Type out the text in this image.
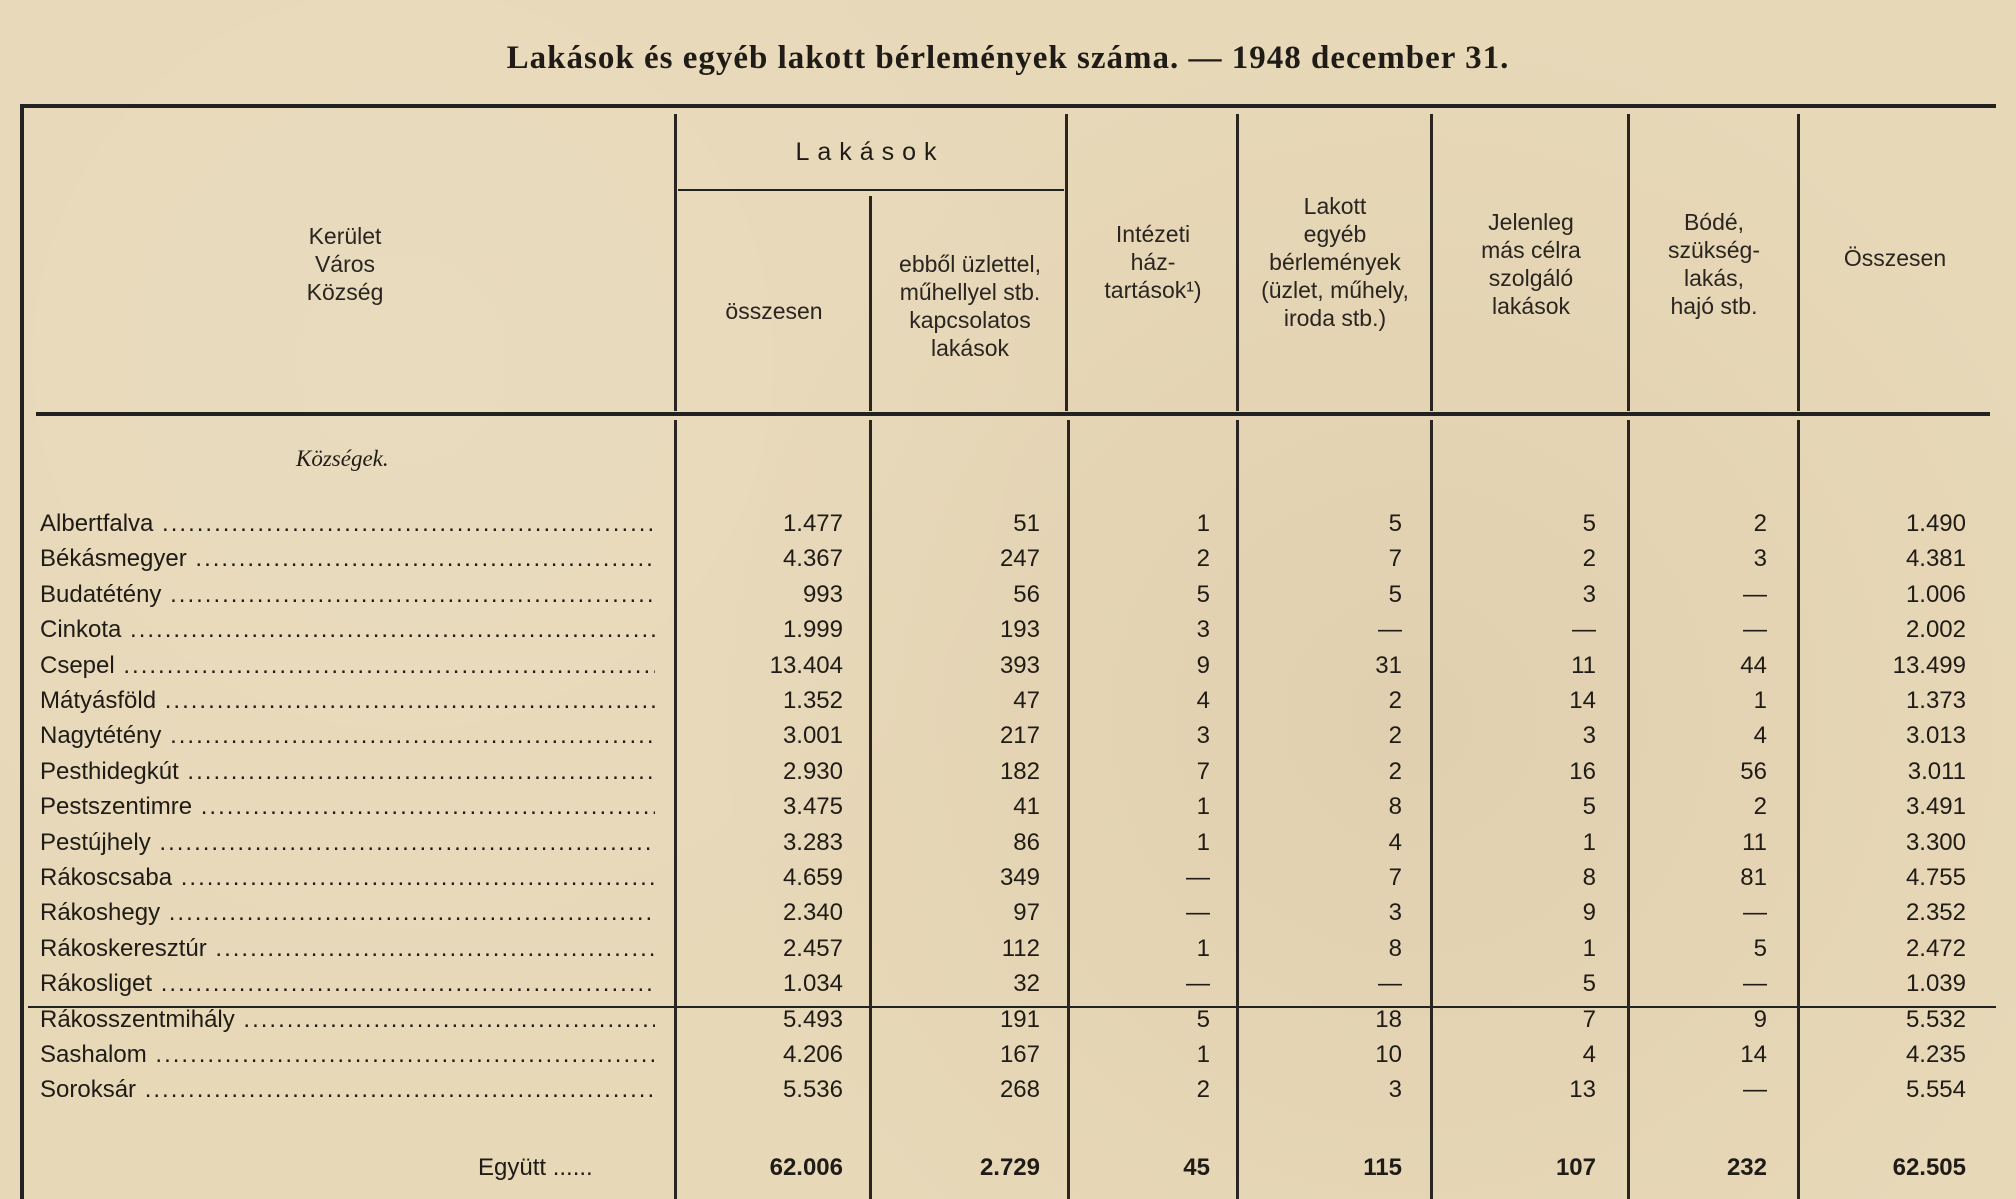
Lakások és egyéb lakott bérlemények száma. — 1948 december 31.
Kerület
Város
Község
Lakások
összesen
ebből üzlettel,
műhellyel stb.
kapcsolatos
lakások
Intézeti
ház-
tartások¹)
Lakott
egyéb
bérlemények
(üzlet, műhely,
iroda stb.)
Jelenleg
más célra
szolgáló
lakások
Bódé,
szükség-
lakás,
hajó stb.
Összesen
Községek.
Albertfalva .....	1.477	51	1	5	5	2	1.490
Békásmegyer .....	4.367	247	2	7	2	3	4.381
Budatétény .....	993	56	5	5	3	—	1.006
Cinkota .....	1.999	193	3	—	—	—	2.002
Csepel .....	13.404	393	9	31	11	44	13.499
Mátyásföld .....	1.352	47	4	2	14	1	1.373
Nagytétény .....	3.001	217	3	2	3	4	3.013
Pesthidegkút .....	2.930	182	7	2	16	56	3.011
Pestszentimre .....	3.475	41	1	8	5	2	3.491
Pestújhely .....	3.283	86	1	4	1	11	3.300
Rákoscsaba .....	4.659	349	—	7	8	81	4.755
Rákoshegy .....	2.340	97	—	3	9	—	2.352
Rákoskeresztúr .....	2.457	112	1	8	1	5	2.472
Rákosliget .....	1.034	32	—	—	5	—	1.039
Rákosszentmihály .....	5.493	191	5	18	7	9	5.532
Sashalom .....	4.206	167	1	10	4	14	4.235
Soroksár .....	5.536	268	2	3	13	—	5.554
Együtt ......	62.006	2.729	45	115	107	232	62.505
